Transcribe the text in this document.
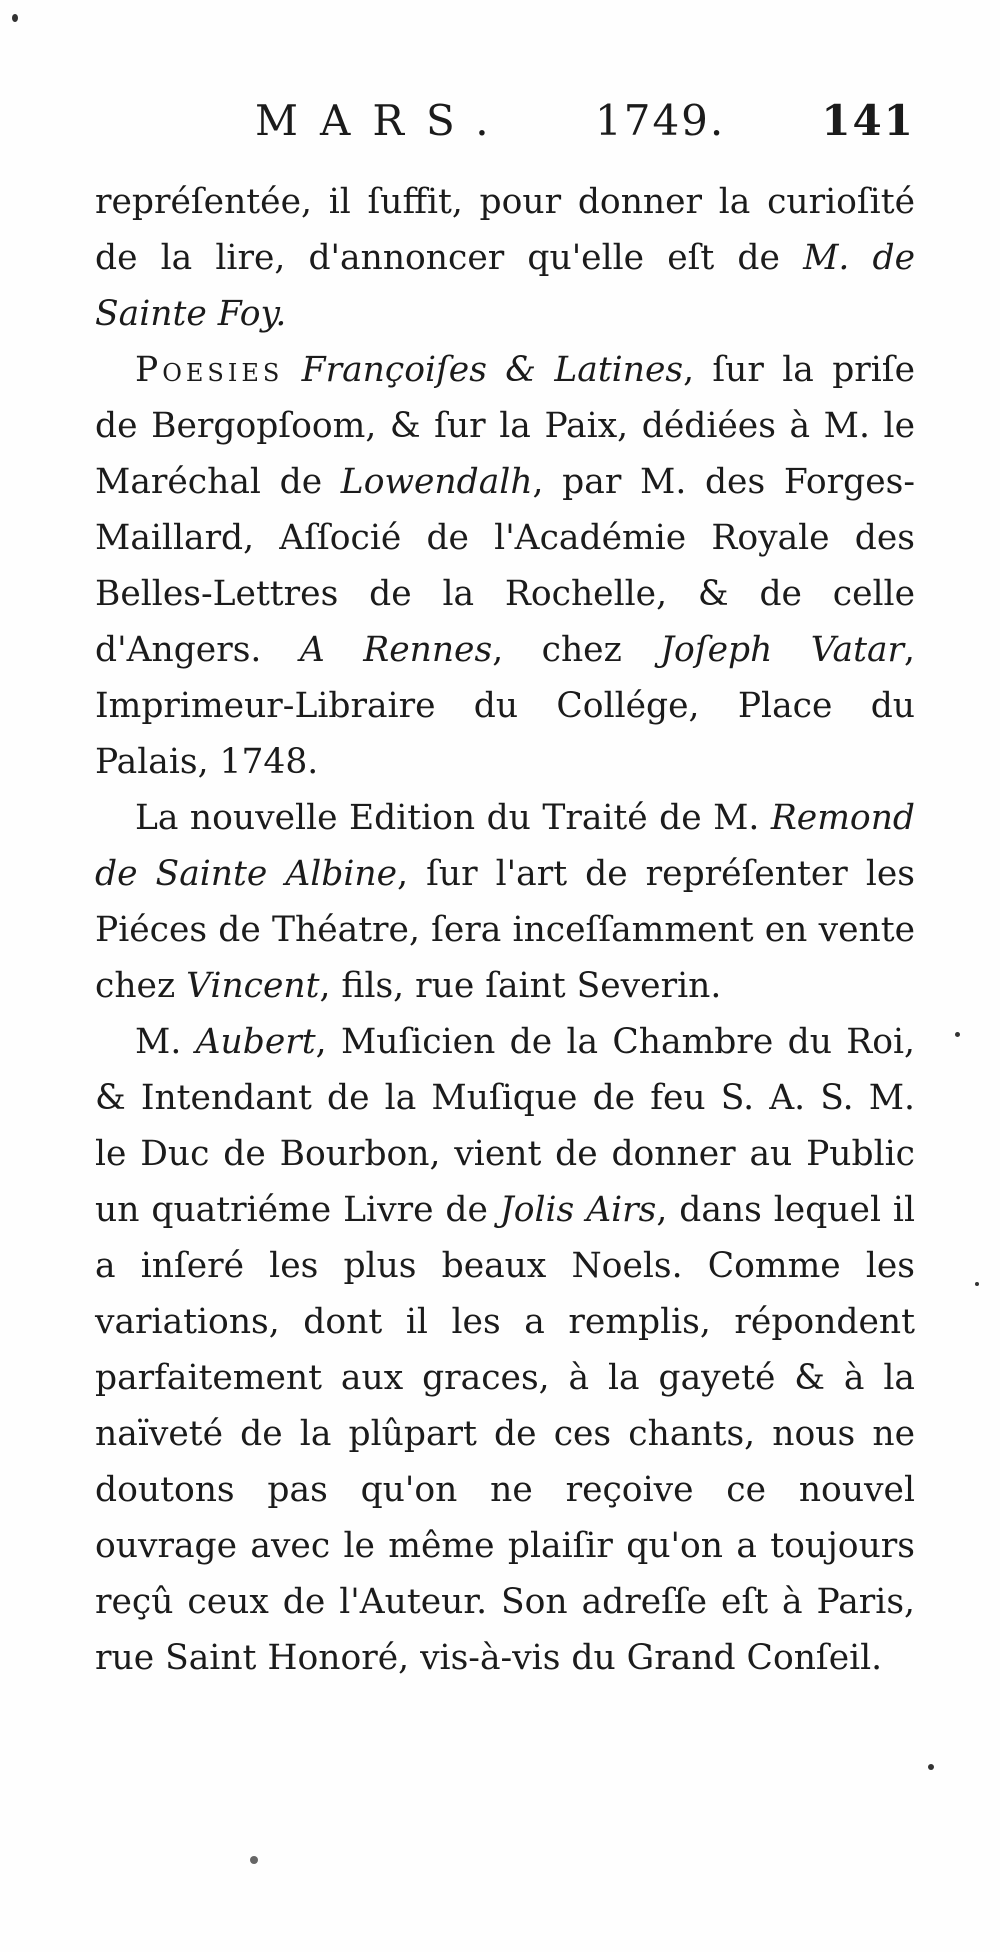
MARS. 1749. 141

repréſentée, il ſuffit, pour donner la curioſité de la lire, d'annoncer qu'elle eſt de M. de Sainte Foy.

Poesies Françoiſes & Latines, ſur la priſe de Bergopſoom, & ſur la Paix, dédiées à M. le Maréchal de Lowendalh, par M. des Forges-Maillard, Aſſocié de l'Académie Royale des Belles-Lettres de la Rochelle, & de celle d'Angers. A Rennes, chez Joſeph Vatar, Imprimeur-Libraire du Collége, Place du Palais, 1748.

La nouvelle Edition du Traité de M. Remond de Sainte Albine, ſur l'art de repréſenter les Piéces de Théatre, ſera inceſſamment en vente chez Vincent, fils, rue ſaint Severin.

M. Aubert, Muſicien de la Chambre du Roi, & Intendant de la Muſique de feu S. A. S. M. le Duc de Bourbon, vient de donner au Public un quatriéme Livre de Jolis Airs, dans lequel il a inſeré les plus beaux Noels. Comme les variations, dont il les a remplis, répondent parfaitement aux graces, à la gayeté & à la naïveté de la plûpart de ces chants, nous ne doutons pas qu'on ne reçoive ce nouvel ouvrage avec le même plaiſir qu'on a toujours reçû ceux de l'Auteur. Son adreſſe eſt à Paris, rue Saint Honoré, vis-à-vis du Grand Conſeil.
